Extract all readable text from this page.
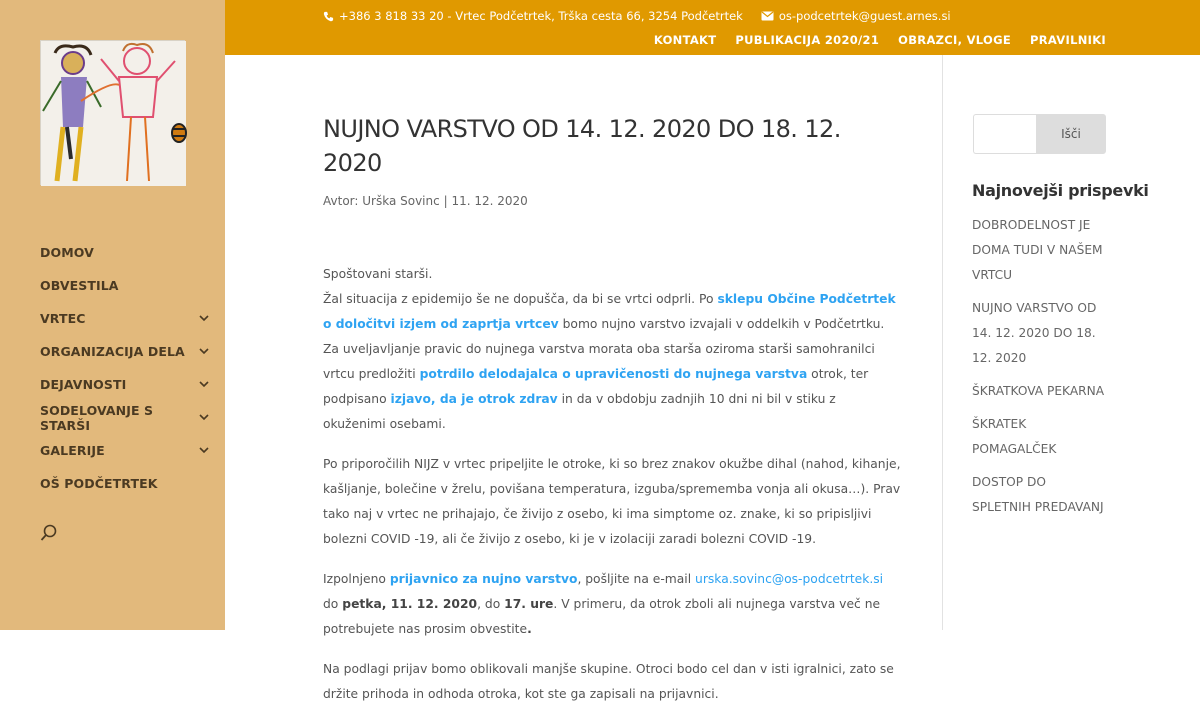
DOMOV
OBVESTILA
VRTEC
ORGANIZACIJA DELA
DEJAVNOSTI
SODELOVANJE S STARŠI
GALERIJE
OŠ PODČETRTEK
+386 3 818 33 20 - Vrtec Podčetrtek, Trška cesta 66, 3254 Podčetrtek	os-podcetrtek@guest.arnes.si
KONTAKT PUBLIKACIJA 2020/21 OBRAZCI, VLOGE PRAVILNIKI
NUJNO VARSTVO OD 14. 12. 2020 DO 18. 12. 2020
Avtor: Urška Sovinc | 11. 12. 2020

Spoštovani starši.
Žal situacija z epidemijo še ne dopušča, da bi se vrtci odprli. Po sklepu Občine Podčetrtek o določitvi izjem od zaprtja vrtcev bomo nujno varstvo izvajali v oddelkih v Podčetrtku. Za uveljavljanje pravic do nujnega varstva morata oba starša oziroma starši samohranilci vrtcu predložiti potrdilo delodajalca o upravičenosti do nujnega varstva otrok, ter podpisano izjavo, da je otrok zdrav in da v obdobju zadnjih 10 dni ni bil v stiku z okuženimi osebami.

Po priporočilih NIJZ v vrtec pripeljite le otroke, ki so brez znakov okužbe dihal (nahod, kihanje, kašljanje, bolečine v žrelu, povišana temperatura, izguba/sprememba vonja ali okusa…). Prav tako naj v vrtec ne prihajajo, če živijo z osebo, ki ima simptome oz. znake, ki so pripisljivi bolezni COVID -19, ali če živijo z osebo, ki je v izolaciji zaradi bolezni COVID -19.

Izpolnjeno prijavnico za nujno varstvo, pošljite na e-mail urska.sovinc@os-podcetrtek.si do petka, 11. 12. 2020, do 17. ure. V primeru, da otrok zboli ali nujnega varstva več ne potrebujete nas prosim obvestite.

Na podlagi prijav bomo oblikovali manjše skupine. Otroci bodo cel dan v isti igralnici, zato se držite prihoda in odhoda otroka, kot ste ga zapisali na prijavnici.

Išči
Najnovejši prispevki
DOBRODELNOST JE DOMA TUDI V NAŠEM VRTCU
NUJNO VARSTVO OD 14. 12. 2020 DO 18. 12. 2020
ŠKRATKOVA PEKARNA
ŠKRATEK POMAGALČEK
DOSTOP DO SPLETNIH PREDAVANJ
